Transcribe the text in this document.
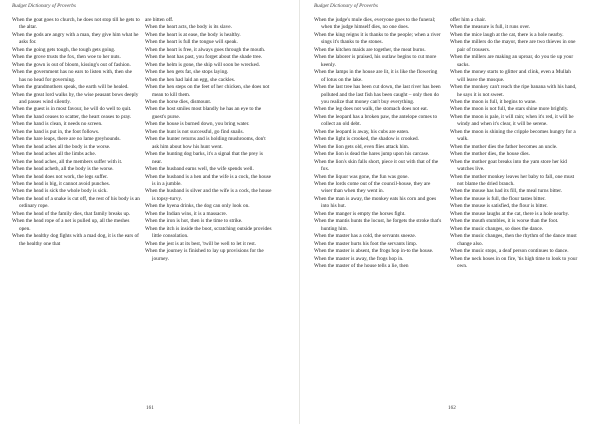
Budget Dictionary of Proverbs

When the goat goes to church, he does not stop till he gets to the altar.

When the gods are angry with a man, they give him what he asks for.

When the going gets tough, the tough gets going.

When the grove trusts the fox, then woe to her nuts.

When the gown is out of bloom, kissing's out of fashion.

When the government has no ears to listen with, then she has no head for governing.

When the grandmothers speak, the earth will be healed.

When the great lord walks by, the wise peasant bows deeply and passes wind silently.

When the guest is in most favour, he will do well to quit.

When the hand ceases to scatter, the heart ceases to pray.

When the hand is clean, it needs no screen.

When the hand is put in, the foot follows.

When the hare leaps, there are no lame greyhounds.

When the head aches all the body is the worse.

When the head aches all the limbs ache.

When the head aches, all the members suffer with it.

When the head acheth, all the body is the worse.

When the head does not work, the legs suffer.

When the head is big, it cannot avoid punches.

When the head is sick the whole body is sick.

When the head of a snake is cut off, the rest of his body is an ordinary rope.

When the head of the family dies, that family breaks up.

When the head rope of a net is pulled up, all the meshes open.

When the healthy dog fights with a mad dog, it is the ears of the healthy one that

are bitten off.

When the heart acts, the body is its slave.

When the heart is at ease, the body is healthy.

When the heart is full the tongue will speak.

When the heart is free, it always goes through the mouth.

When the heat has past, you forget about the shade tree.

When the helm is gone, the ship will soon be wrecked.

When the hen gets fat, she stops laying.

When the hen had laid an egg, she cackles.

When the hen steps on the feet of her chicken, she does not mean to kill them.

When the horse dies, dismount.

When the host smiles most blandly he has an eye to the guest's purse.

When the house is burned down, you bring water.

When the hunt is not successful, go find snails.

When the hunter returns and is holding mushrooms, don't ask him about how his hunt went.

When the hunting dog barks, it's a signal that the prey is near.

When the husband earns well, the wife spends well.

When the husband is a hen and the wife is a cock, the house is in a jumble.

When the husband is silver and the wife is a cock, the house is topsy-turvy.

When the hyena drinks, the dog can only look on.

When the Indian wins, it is a massacre.

When the iron is hot, then is the time to strike.

When the itch is inside the boot, scratching outside provides little consolation.

When the jest is at its best, 'twill be well to let it rest.

When the journey is finished to lay up provisions for the journey.

161
Budget Dictionary of Proverbs

When the judge's mule dies, everyone goes to the funeral; when the judge himself dies, no one does.

When the king reigns it is thanks to the people; when a river sings it's thanks to the stones.

When the kitchen maids are together, the meat burns.

When the laborer is praised, his outlaw begins to cut more keenly.

When the lamps in the house are lit, it is like the flowering of lotus on the lake.

When the last tree has been cut down, the last river has been polluted and the last fish has been caught – only then do you realize that money can't buy everything.

When the leg does not walk, the stomach does not eat.

When the leopard has a broken paw, the antelope comes to collect an old debt.

When the leopard is away, his cubs are eaten.

When the light is crooked, the shadow is crooked.

When the lion gets old, even flies attack him.

When the lion is dead the hares jump upon his carcase.

When the lion's skin falls short, piece it out with that of the fox.

When the liquor was gone, the fun was gone.

When the lords come out of the council-house, they are wiser than when they went in.

When the man is away, the monkey eats his corn and goes into his hut.

When the manger is empty the horses fight.

When the mantis hunts the locust, he forgets the stroke that's hunting him.

When the master has a cold, the servants sneeze.

When the master hurts his foot the servants limp.

When the master is absent, the frogs hop in-to the house.

When the master is away, the frogs hop in.

When the master of the house tells a lie, then

offer him a chair.

When the measure is full, it runs over.

When the mice laugh at the cat, there is a hole nearby.

When the millers do the mayor, there are two thieves in one pair of trousers.

When the millers are making an uproar, do you tie up your sacks.

When the money starts to glitter and clink, even a Mullah will leave the mosque.

When the monkey can't reach the ripe banana with his hand, he says it is not sweet.

When the moon is full, it begins to wane.

When the moon is not full, the stars shine more brightly.

When the moon is pale, it will rain; when it's red, it will be windy and when it's clear, it will be serene.

When the moon is shining the cripple becomes hungry for a walk.

When the mother dies the father becomes an uncle.

When the mother dies, the house dies.

When the mother goat breaks into the yam store her kid watches live.

When the mother monkey leaves her baby to fall, one must not blame the dried branch.

When the mouse has had its fill, the meal turns bitter.

When the mouse is full, the flour tastes bitter.

When the mouse is satisfied, the flour is bitter.

When the mouse laughs at the cat, there is a hole nearby.

When the mouth stumbles, it is worse than the foot.

When the music changes, so does the dance.

When the music changes, then the rhythm of the dance must change also.

When the music stops, a deaf person continues to dance.

When the neck hoses in on fire, 'tis high time to look to your own.

162
